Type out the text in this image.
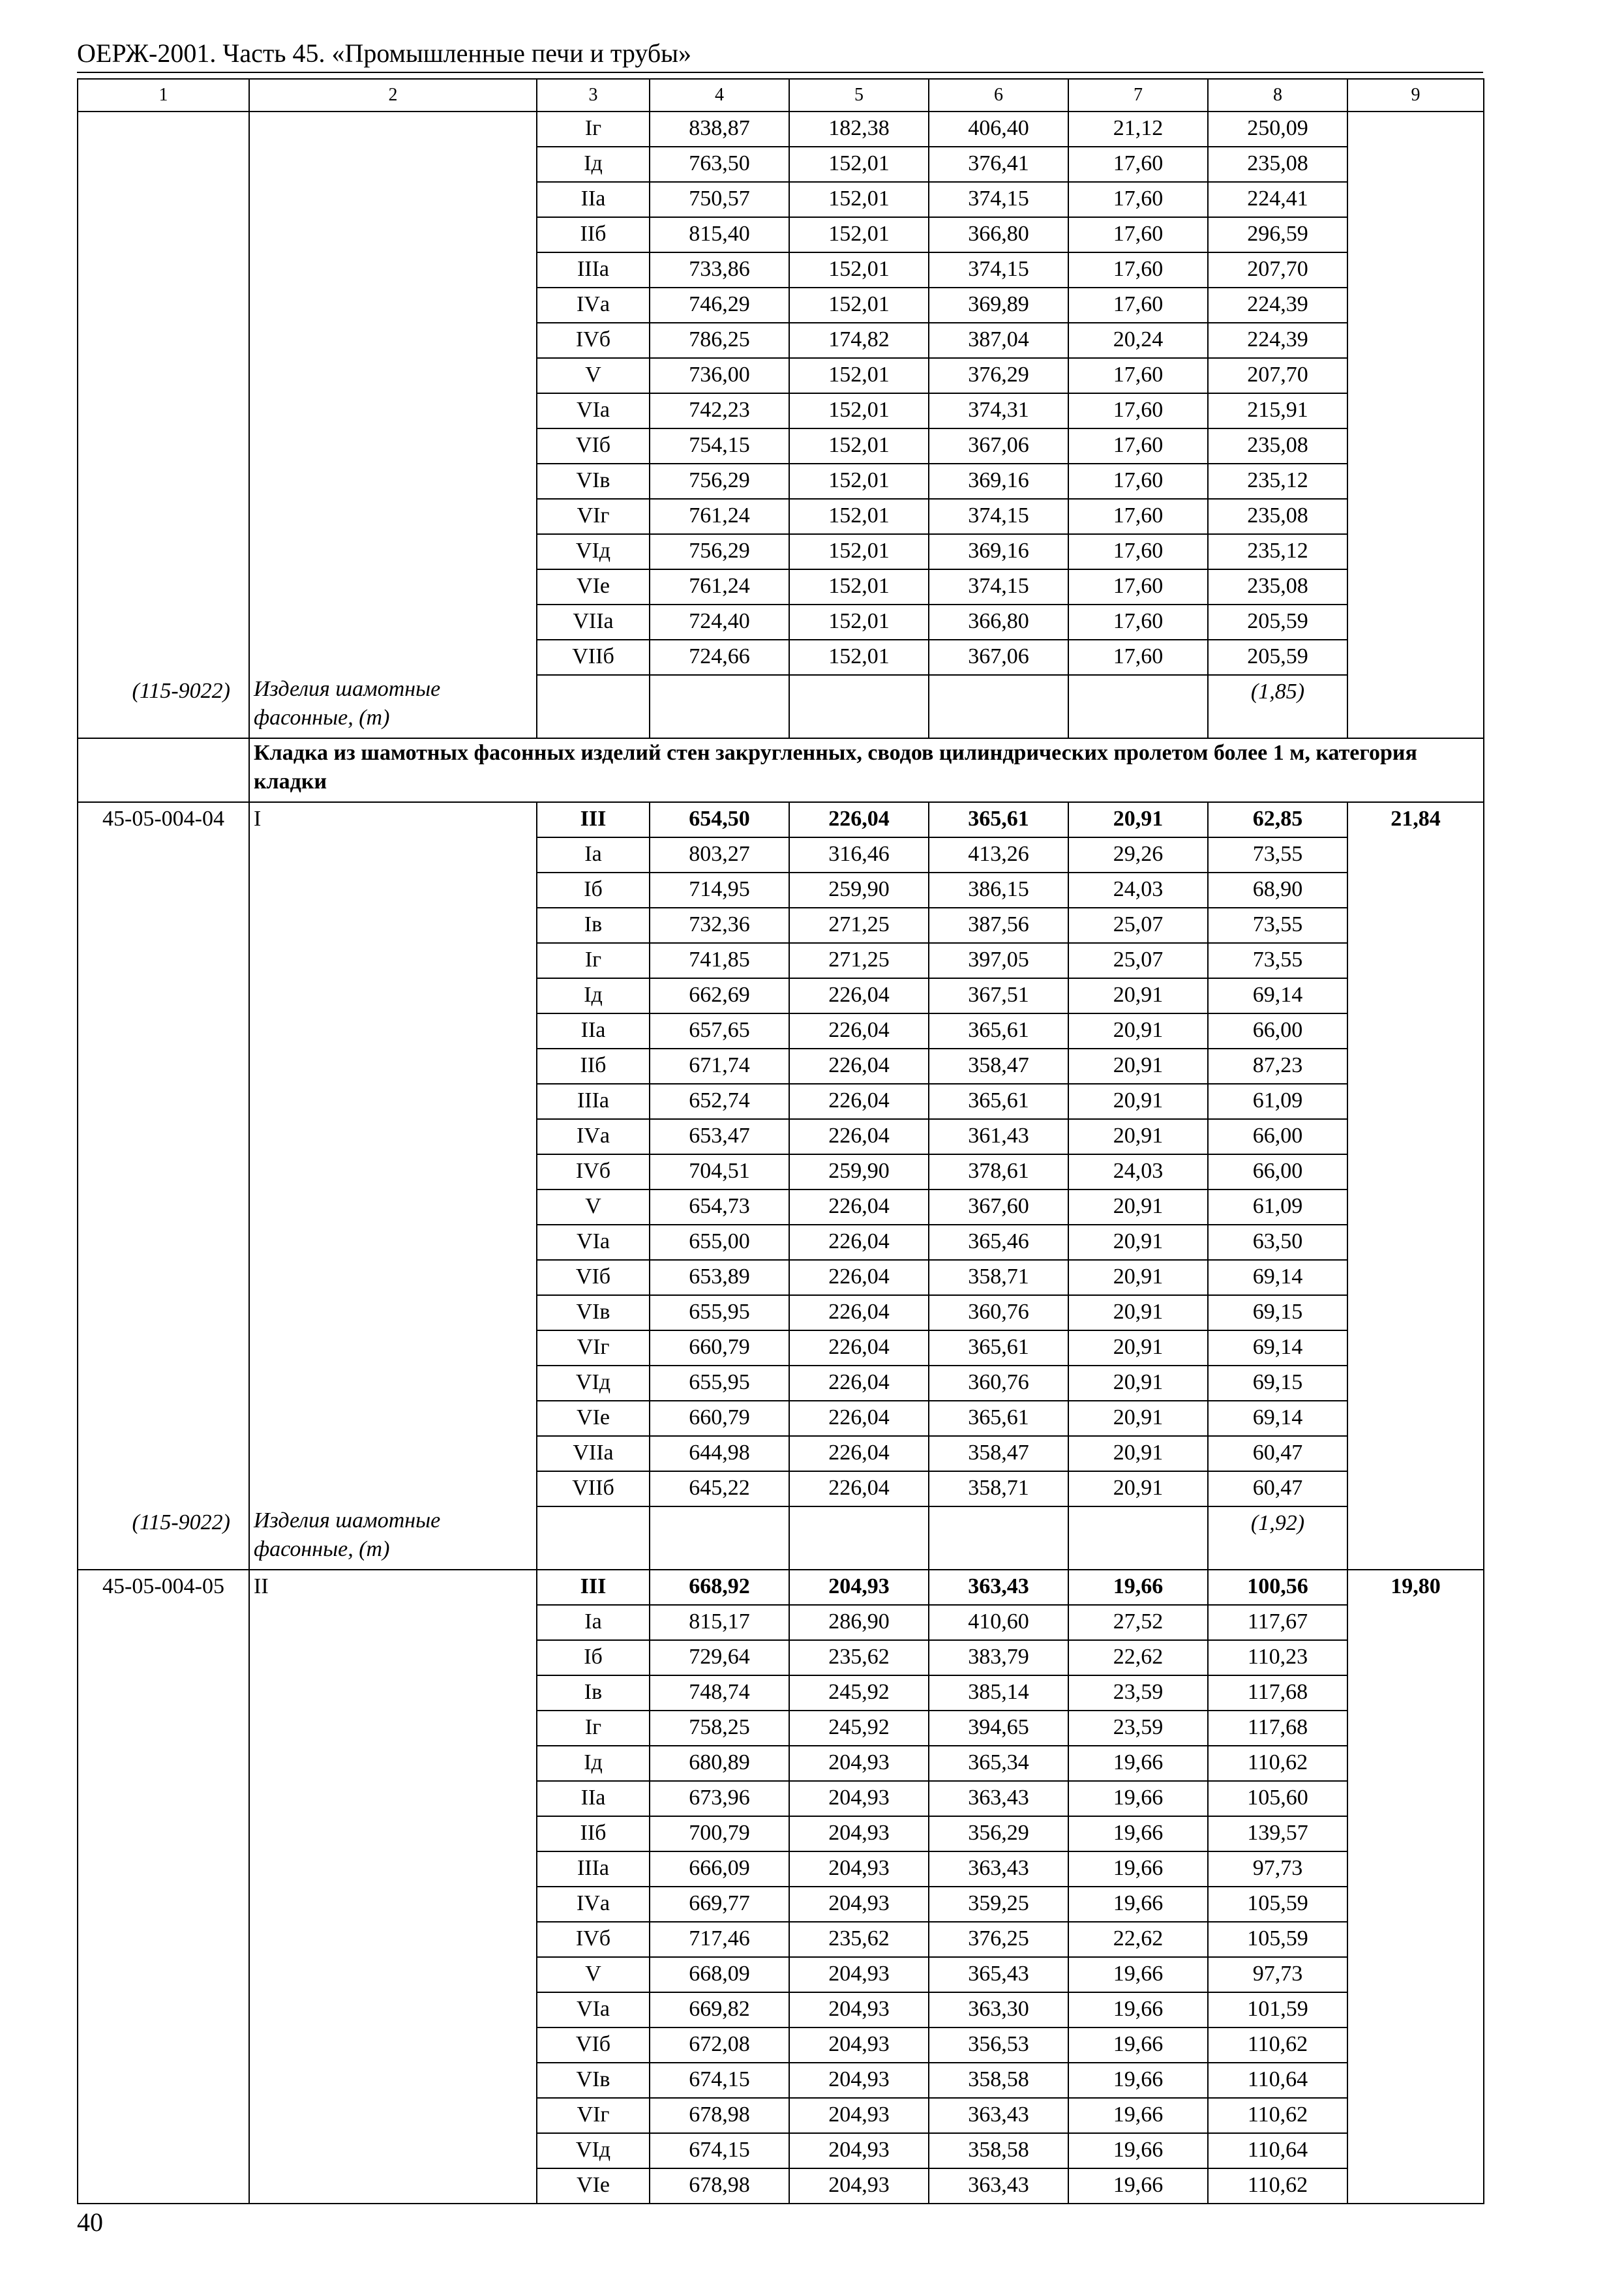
ОЕРЖ-2001. Часть 45. «Промышленные печи и трубы»
1	2	3	4	5	6	7	8	9
		Iг	838,87	182,38	406,40	21,12	250,09	
		Iд	763,50	152,01	376,41	17,60	235,08	
		IIа	750,57	152,01	374,15	17,60	224,41	
		IIб	815,40	152,01	366,80	17,60	296,59	
		IIIа	733,86	152,01	374,15	17,60	207,70	
		IVа	746,29	152,01	369,89	17,60	224,39	
		IVб	786,25	174,82	387,04	20,24	224,39	
		V	736,00	152,01	376,29	17,60	207,70	
		VIа	742,23	152,01	374,31	17,60	215,91	
		VIб	754,15	152,01	367,06	17,60	235,08	
		VIв	756,29	152,01	369,16	17,60	235,12	
		VIг	761,24	152,01	374,15	17,60	235,08	
		VIд	756,29	152,01	369,16	17,60	235,12	
		VIе	761,24	152,01	374,15	17,60	235,08	
		VIIа	724,40	152,01	366,80	17,60	205,59	
		VIIб	724,66	152,01	367,06	17,60	205,59	
(115-9022)	Изделия шамотные фасонные, (т)						(1,85)	
	Кладка из шамотных фасонных изделий стен закругленных, сводов цилиндрических пролетом более 1 м, категория кладки							
45-05-004-04	I	III	654,50	226,04	365,61	20,91	62,85	21,84
		Iа	803,27	316,46	413,26	29,26	73,55	
		Iб	714,95	259,90	386,15	24,03	68,90	
		Iв	732,36	271,25	387,56	25,07	73,55	
		Iг	741,85	271,25	397,05	25,07	73,55	
		Iд	662,69	226,04	367,51	20,91	69,14	
		IIа	657,65	226,04	365,61	20,91	66,00	
		IIб	671,74	226,04	358,47	20,91	87,23	
		IIIа	652,74	226,04	365,61	20,91	61,09	
		IVа	653,47	226,04	361,43	20,91	66,00	
		IVб	704,51	259,90	378,61	24,03	66,00	
		V	654,73	226,04	367,60	20,91	61,09	
		VIа	655,00	226,04	365,46	20,91	63,50	
		VIб	653,89	226,04	358,71	20,91	69,14	
		VIв	655,95	226,04	360,76	20,91	69,15	
		VIг	660,79	226,04	365,61	20,91	69,14	
		VIд	655,95	226,04	360,76	20,91	69,15	
		VIе	660,79	226,04	365,61	20,91	69,14	
		VIIа	644,98	226,04	358,47	20,91	60,47	
		VIIб	645,22	226,04	358,71	20,91	60,47	
(115-9022)	Изделия шамотные фасонные, (т)						(1,92)	
45-05-004-05	II	III	668,92	204,93	363,43	19,66	100,56	19,80
		Iа	815,17	286,90	410,60	27,52	117,67	
		Iб	729,64	235,62	383,79	22,62	110,23	
		Iв	748,74	245,92	385,14	23,59	117,68	
		Iг	758,25	245,92	394,65	23,59	117,68	
		Iд	680,89	204,93	365,34	19,66	110,62	
		IIа	673,96	204,93	363,43	19,66	105,60	
		IIб	700,79	204,93	356,29	19,66	139,57	
		IIIа	666,09	204,93	363,43	19,66	97,73	
		IVа	669,77	204,93	359,25	19,66	105,59	
		IVб	717,46	235,62	376,25	22,62	105,59	
		V	668,09	204,93	365,43	19,66	97,73	
		VIа	669,82	204,93	363,30	19,66	101,59	
		VIб	672,08	204,93	356,53	19,66	110,62	
		VIв	674,15	204,93	358,58	19,66	110,64	
		VIг	678,98	204,93	363,43	19,66	110,62	
		VIд	674,15	204,93	358,58	19,66	110,64	
		VIе	678,98	204,93	363,43	19,66	110,62	
40
